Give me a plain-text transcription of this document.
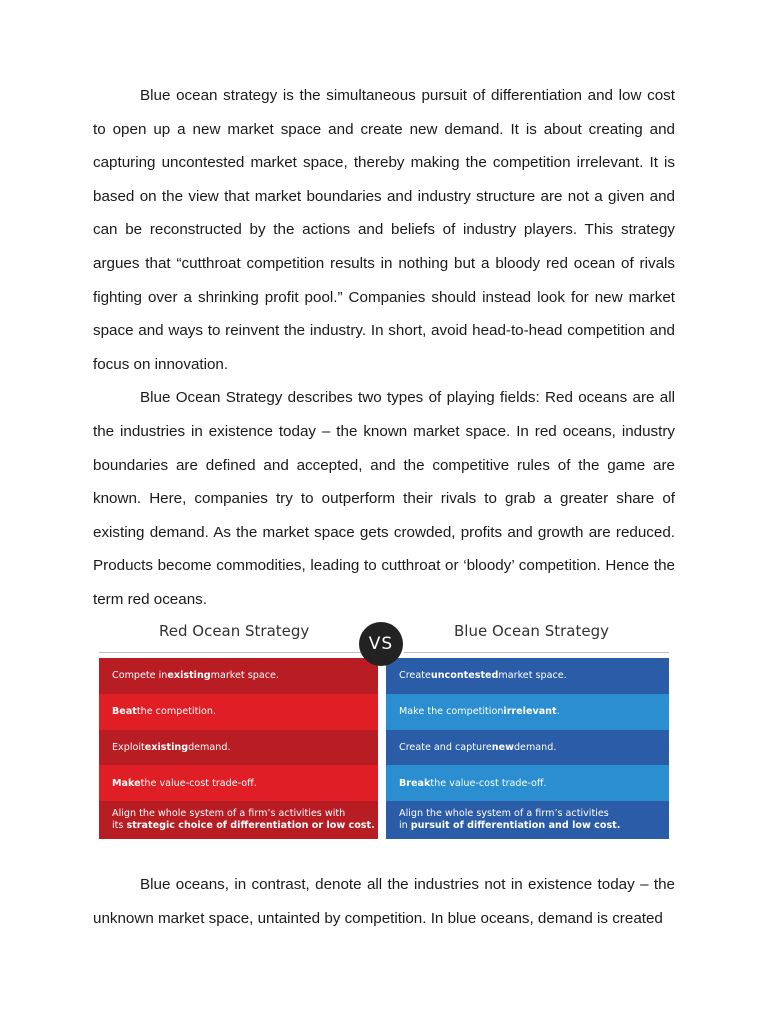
Blue ocean strategy is the simultaneous pursuit of differentiation and low cost to open up a new market space and create new demand. It is about creating and capturing uncontested market space, thereby making the competition irrelevant. It is based on the view that market boundaries and industry structure are not a given and can be reconstructed by the actions and beliefs of industry players. This strategy argues that “cutthroat competition results in nothing but a bloody red ocean of rivals fighting over a shrinking profit pool.” Companies should instead look for new market space and ways to reinvent the industry. In short, avoid head-to-head competition and focus on innovation.

Blue Ocean Strategy describes two types of playing fields: Red oceans are all the industries in existence today – the known market space. In red oceans, industry boundaries are defined and accepted, and the competitive rules of the game are known. Here, companies try to outperform their rivals to grab a greater share of existing demand. As the market space gets crowded, profits and growth are reduced. Products become commodities, leading to cutthroat or ‘bloody’ competition. Hence the term red oceans.

Red Ocean Strategy	Blue Ocean Strategy
VS
Compete in existing market space.
Beat the competition.
Exploit existing demand.
Make the value-cost trade-off.
Align the whole system of a firm’s activities with
its strategic choice of differentiation or low cost.
Create uncontested market space.
Make the competition irrelevant .
Create and capture new demand.
Break the value-cost trade-off.
Align the whole system of a firm’s activities
in pursuit of differentiation and low cost.

Blue oceans, in contrast, denote all the industries not in existence today – the unknown market space, untainted by competition. In blue oceans, demand is created
